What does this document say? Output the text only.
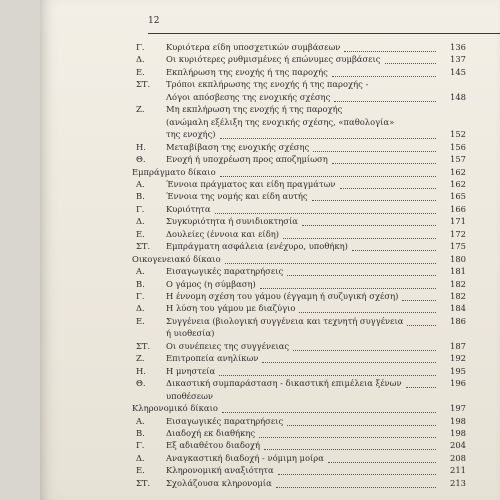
12
Γ.	Κυριότερα είδη υποσχετικών συμβάσεων	136
Δ.	Οι κυριότερες ρυθμισμένες ή επώνυμες συμβάσεις	137
Ε.	Εκπλήρωση της ενοχής ή της παροχής	145
ΣΤ.	Τρόποι εκπλήρωσης της ενοχής ή της παροχής -
Λόγοι απόσβεσης της ενοχικής σχέσης	148
Ζ.	Μη εκπλήρωση της ενοχής ή της παροχής
(ανώμαλη εξέλιξη της ενοχικής σχέσης, «παθολογία»
της ενοχής)	152
Η.	Μεταβίβαση της ενοχικής σχέσης	156
Θ.	Ενοχή ή υποχρέωση προς αποζημίωση	157
Εμπράγματο δίκαιο	162
Α.	Έννοια πράγματος και είδη πραγμάτων	162
Β.	Έννοια της νομής και είδη αυτής	165
Γ.	Κυριότητα	166
Δ.	Συγκυριότητα ή συνιδιοκτησία	171
Ε.	Δουλείες (έννοια και είδη)	172
ΣΤ.	Εμπράγματη ασφάλεια (ενέχυρο, υποθήκη)	175
Οικογενειακό δίκαιο	180
Α.	Εισαγωγικές παρατηρήσεις	181
Β.	Ο γάμος (η σύμβαση)	182
Γ.	Η έννομη σχέση του γάμου (έγγαμη ή συζυγική σχέση)	182
Δ.	Η λύση του γάμου με διαζύγιο	184
Ε.	Συγγένεια (βιολογική συγγένεια και τεχνητή συγγένεια	186
ή υιοθεσία)
ΣΤ.	Οι συνέπειες της συγγένειας	187
Ζ.	Επιτροπεία ανηλίκων	192
Η.	Η μνηστεία	195
Θ.	Δικαστική συμπαράσταση - δικαστική επιμέλεια ξένων	196
υποθέσεων
Κληρονομικό δίκαιο	197
Α.	Εισαγωγικές παρατηρήσεις	198
Β.	Διαδοχή εκ διαθήκης	198
Γ.	Εξ αδιαθέτου διαδοχή	204
Δ.	Αναγκαστική διαδοχή - νόμιμη μοίρα	208
Ε.	Κληρονομική αναξιότητα	211
ΣΤ.	Σχολάζουσα κληρονομία	213
